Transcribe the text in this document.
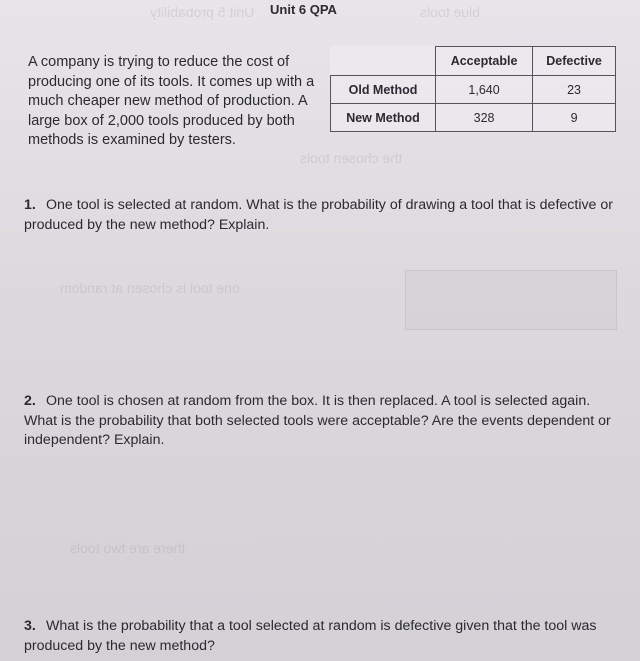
Unit 5 probability	blue tools
the chosen tools
one tool is chosen at random
there are two tools
Unit 6 QPA
A company is trying to reduce the cost of producing one of its tools. It comes up with a much cheaper new method of production. A large box of 2,000 tools produced by both methods is examined by testers.
	Acceptable	Defective
Old Method	1,640	23
New Method	328	9
1. One tool is selected at random. What is the probability of drawing a tool that is defective or produced by the new method? Explain.
2. One tool is chosen at random from the box. It is then replaced. A tool is selected again. What is the probability that both selected tools were acceptable? Are the events dependent or independent? Explain.
3. What is the probability that a tool selected at random is defective given that the tool was produced by the new method?
